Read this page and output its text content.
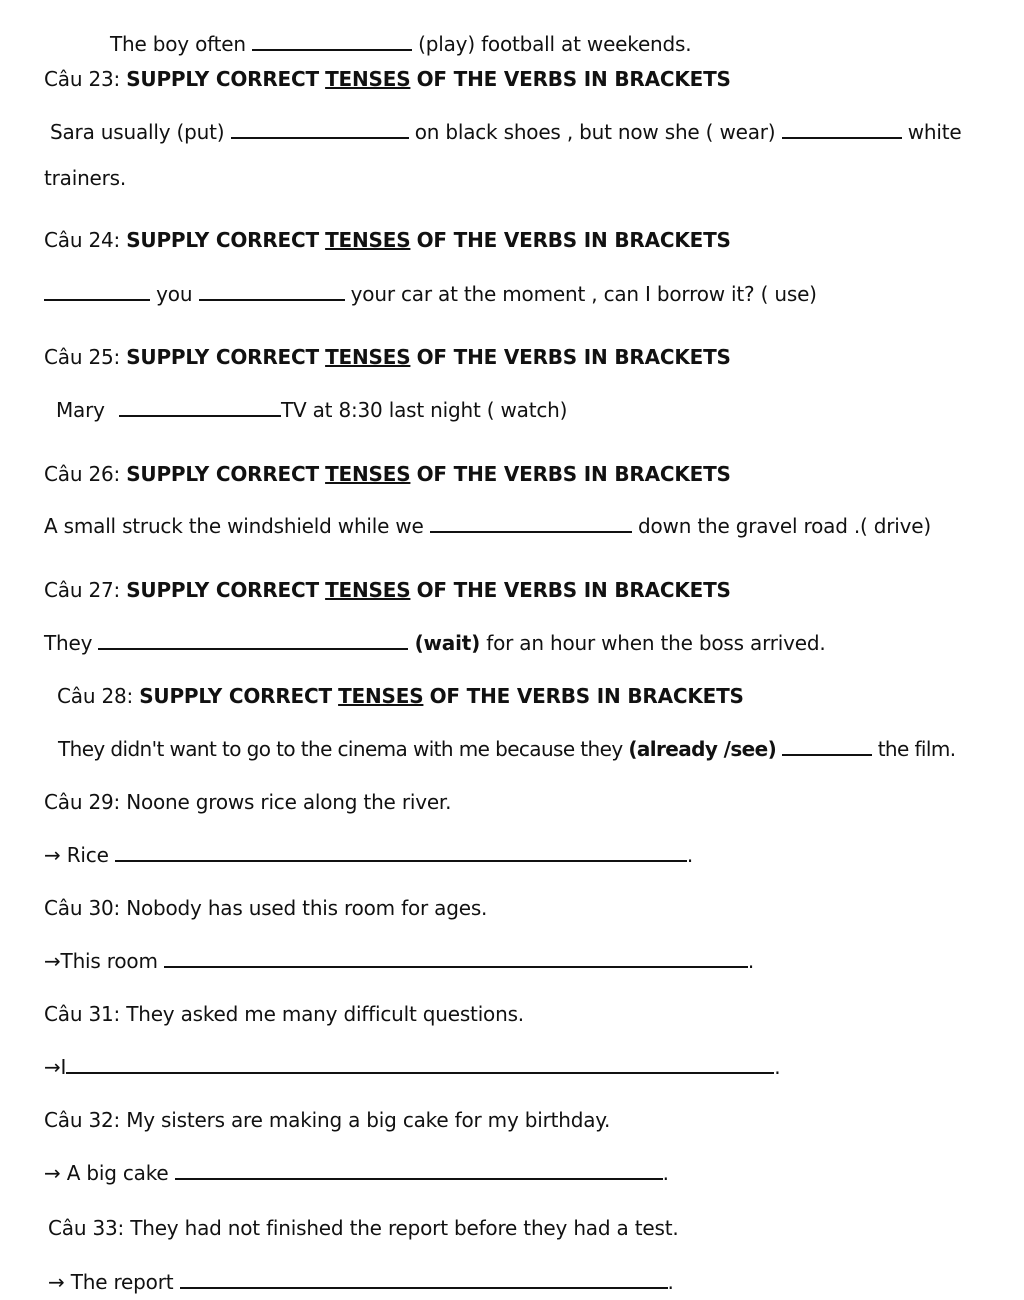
The boy often	(play) football at weekends.
Câu 23: SUPPLY CORRECT TENSES OF THE VERBS IN BRACKETS
Sara usually (put)	on black shoes , but now she ( wear)	white
trainers.
Câu 24: SUPPLY CORRECT TENSES OF THE VERBS IN BRACKETS
you	your car at the moment , can I borrow it? ( use)
Câu 25: SUPPLY CORRECT TENSES OF THE VERBS IN BRACKETS
Mary	TV at 8:30 last night ( watch)
Câu 26: SUPPLY CORRECT TENSES OF THE VERBS IN BRACKETS
A small struck the windshield while we	down the gravel road .( drive)
Câu 27: SUPPLY CORRECT TENSES OF THE VERBS IN BRACKETS
They	(wait) for an hour when the boss arrived.
Câu 28: SUPPLY CORRECT TENSES OF THE VERBS IN BRACKETS
They didn't want to go to the cinema with me because they (already /see)	the film.
Câu 29: Noone grows rice along the river.
→ Rice	.
Câu 30: Nobody has used this room for ages.
→This room	.
Câu 31: They asked me many difficult questions.
→I	.
Câu 32: My sisters are making a big cake for my birthday.
→ A big cake	.
Câu 33: They had not finished the report before they had a test.
→ The report	.
